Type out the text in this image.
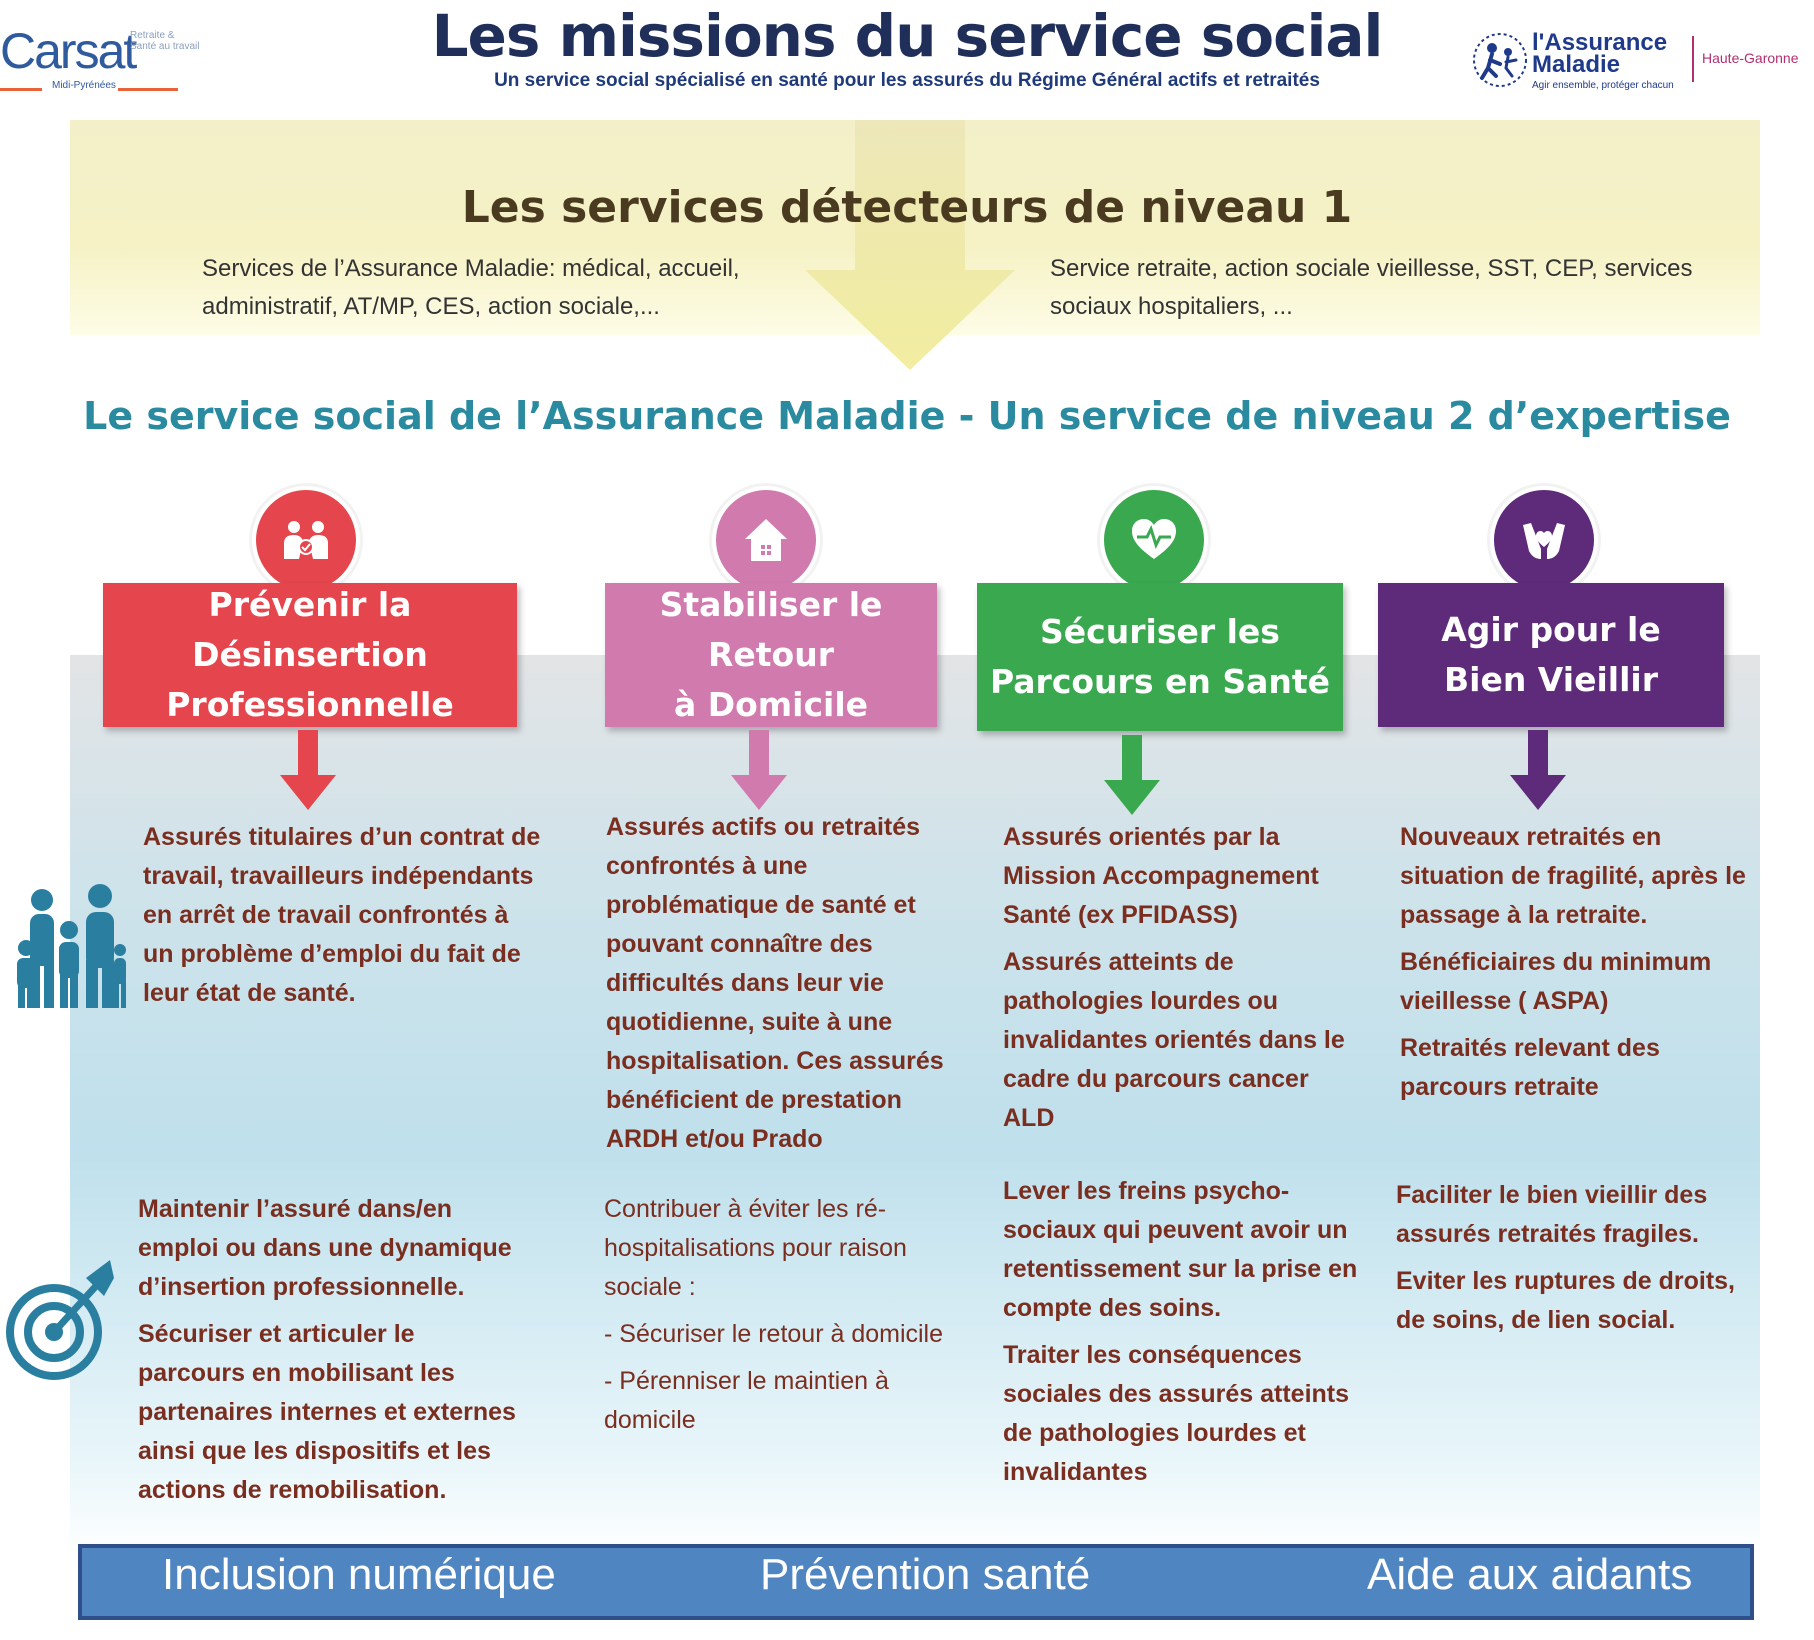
Carsat
Retraite & Santé au travail
Midi-Pyrénées
Les missions du service social
Un service social spécialisé en santé pour les assurés du Régime Général actifs et retraités
l'Assurance
Maladie
Agir ensemble, protéger chacun
Haute-Garonne
Les services détecteurs de niveau 1
Services de l’Assurance Maladie: médical, accueil, administratif, AT/MP, CES, action sociale,...
Service retraite, action sociale vieillesse, SST, CEP, services sociaux hospitaliers, ...
Le service social de l’Assurance Maladie - Un service de niveau 2 d’expertise
Prévenir la Désinsertion
Professionnelle

Assurés titulaires d’un contrat de travail, travailleurs indépendants en arrêt de travail confrontés à un problème d’emploi du fait de leur état de santé.

Maintenir l’assuré dans/en emploi ou dans une dynamique d’insertion professionnelle.

Sécuriser et articuler le parcours en mobilisant les partenaires internes et externes ainsi que les dispositifs et les actions de remobilisation.

Stabiliser le Retour
à Domicile

Assurés actifs ou retraités confrontés à une problématique de santé et pouvant connaître des difficultés dans leur vie quotidienne, suite à une hospitalisation. Ces assurés bénéficient de prestation ARDH et/ou Prado

Contribuer à éviter les ré-hospitalisations pour raison sociale :

- Sécuriser le retour à domicile

- Pérenniser le maintien à domicile

Sécuriser les
Parcours en Santé

Assurés orientés par la Mission Accompagnement Santé (ex PFIDASS)

Assurés atteints de pathologies lourdes ou invalidantes orientés dans le cadre du parcours cancer ALD

Lever les freins psycho-sociaux qui peuvent avoir un retentissement sur la prise en compte des soins.

Traiter les conséquences sociales des assurés atteints de pathologies lourdes et invalidantes

Agir pour le
Bien Vieillir

Nouveaux retraités en situation de fragilité, après le passage à la retraite.

Bénéficiaires du minimum vieillesse ( ASPA)

Retraités relevant des parcours retraite

Faciliter le bien vieillir des assurés retraités fragiles.

Eviter les ruptures de droits, de soins, de lien social.

Inclusion numérique	Prévention santé	Aide aux aidants
